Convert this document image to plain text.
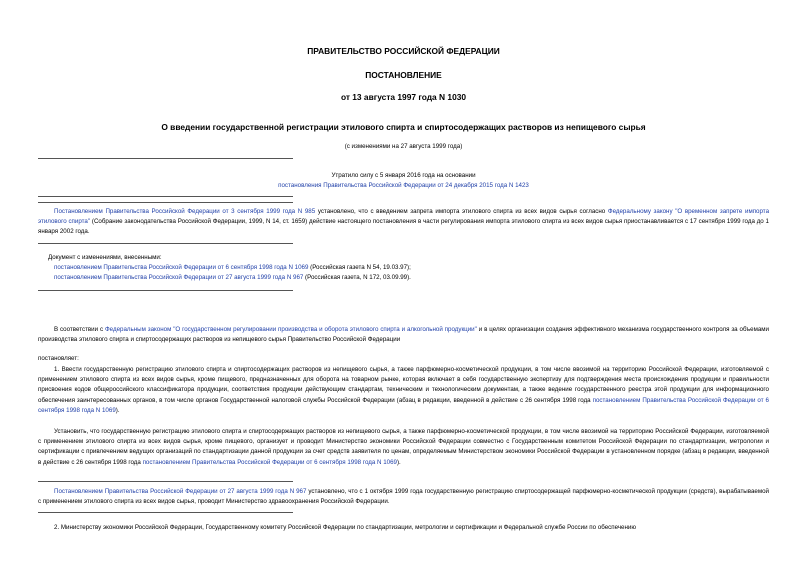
ПРАВИТЕЛЬСТВО РОССИЙСКОЙ ФЕДЕРАЦИИ
ПОСТАНОВЛЕНИЕ
от 13 августа 1997 года N 1030
О введении государственной регистрации этилового спирта и спиртосодержащих растворов из непищевого сырья
(с изменениями на 27 августа 1999 года)
Утратило силу с 5 января 2016 года на основании
постановления Правительства Российской Федерации от 24 декабря 2015 года N 1423
Постановлением Правительства Российской Федерации от 3 сентября 1999 года N 985 установлено, что с введением запрета импорта этилового спирта из всех видов сырья согласно Федеральному закону "О временном запрете импорта этилового спирта" (Собрание законодательства Российской Федерации, 1999, N 14, ст. 1659) действие настоящего постановления в части регулирования импорта этилового спирта из всех видов сырья приостанавливается с 17 сентября 1999 года до 1 января 2002 года.
Документ с изменениями, внесенными:
постановлением Правительства Российской Федерации от 6 сентября 1998 года N 1069 (Российская газета N 54, 19.03.97);
постановлением Правительства Российской Федерации от 27 августа 1999 года N 967 (Российская газета, N 172, 03.09.99).
В соответствии с Федеральным законом "О государственном регулировании производства и оборота этилового спирта и алкогольной продукции" и в целях организации создания эффективного механизма государственного контроля за объемами производства этилового спирта и спиртосодержащих растворов из непищевого сырья Правительство Российской Федерации
постановляет:
1. Ввести государственную регистрацию этилового спирта и спиртосодержащих растворов из непищевого сырья, а также парфюмерно-косметической продукции, в том числе ввозимой на территорию Российской Федерации, изготовляемой с применением этилового спирта из всех видов сырья, кроме пищевого, предназначенных для оборота на товарном рынке, которая включает в себя государственную экспертизу для подтверждения места происхождения продукции и правильности присвоения кодов общероссийского классификатора продукции, соответствия продукции действующим стандартам, техническим и технологическим документам, а также ведение государственного реестра этой продукции для информационного обеспечения заинтересованных органов, в том числе органов Государственной налоговой службы Российской Федерации (абзац в редакции, введенной в действие с 26 сентября 1998 года постановлением Правительства Российской Федерации от 6 сентября 1998 года N 1069).
Установить, что государственную регистрацию этилового спирта и спиртосодержащих растворов из непищевого сырья, а также парфюмерно-косметической продукции, в том числе ввозимой на территорию Российской Федерации, изготовляемой с применением этилового спирта из всех видов сырья, кроме пищевого, организует и проводит Министерство экономики Российской Федерации совместно с Государственным комитетом Российской Федерации по стандартизации, метрологии и сертификации с привлечением ведущих организаций по стандартизации данной продукции за счет средств заявителя по ценам, определяемым Министерством экономики Российской Федерации в установленном порядке (абзац в редакции, введенной в действие с 26 сентября 1998 года постановлением Правительства Российской Федерации от 6 сентября 1998 года N 1069).
Постановлением Правительства Российской Федерации от 27 августа 1999 года N 967 установлено, что с 1 октября 1999 года государственную регистрацию спиртосодержащей парфюмерно-косметической продукции (средств), вырабатываемой с применением этилового спирта из всех видов сырья, проводит Министерство здравоохранения Российской Федерации.
2. Министерству экономики Российской Федерации, Государственному комитету Российской Федерации по стандартизации, метрологии и сертификации и Федеральной службе России по обеспечению
